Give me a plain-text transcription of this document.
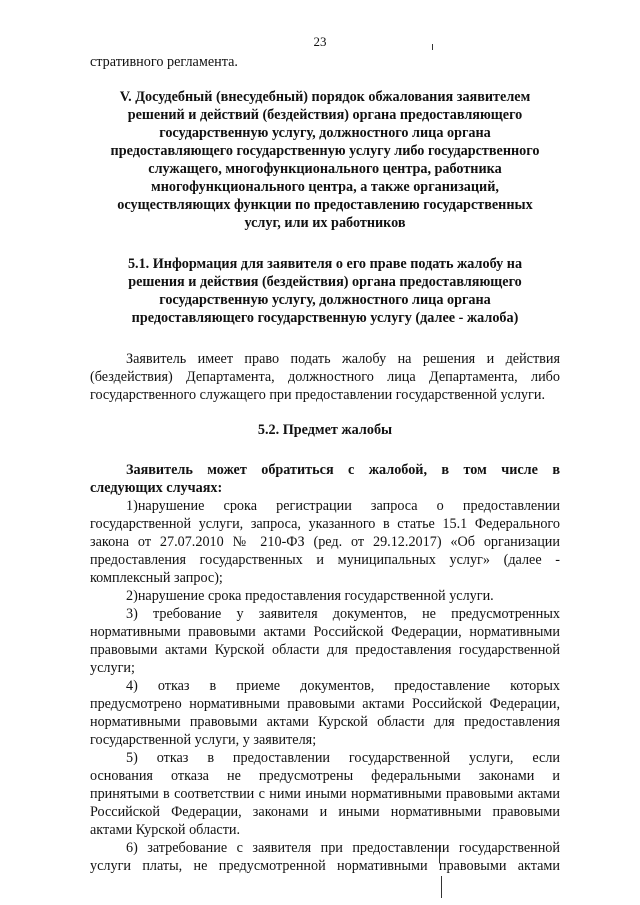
23
стративного регламента.
V. Досудебный (внесудебный) порядок обжалования заявителем
решений и действий (бездействия) органа предоставляющего
государственную услугу, должностного лица органа
предоставляющего государственную услугу либо государственного
служащего, многофункционального центра, работника
многофункционального центра, а также организаций,
осуществляющих функции по предоставлению государственных
услуг, или их работников
5.1. Информация для заявителя о его праве подать жалобу на
решения и действия (бездействия) органа предоставляющего
государственную услугу, должностного лица органа
предоставляющего государственную услугу (далее - жалоба)
Заявитель имеет право подать жалобу на решения и действия
(бездействия) Департамента, должностного лица Департамента, либо
государственного служащего при предоставлении государственной услуги.
5.2. Предмет жалобы
Заявитель может обратиться с жалобой, в том числе в
следующих случаях:
1)нарушение срока регистрации запроса о предоставлении
государственной услуги, запроса, указанного в статье 15.1 Федерального
закона от 27.07.2010 № 210-ФЗ (ред. от 29.12.2017) «Об организации
предоставления государственных и муниципальных услуг» (далее -
комплексный запрос);
2)нарушение срока предоставления государственной услуги.
3) требование у заявителя документов, не предусмотренных
нормативными правовыми актами Российской Федерации, нормативными
правовыми актами Курской области для предоставления государственной
услуги;
4) отказ в приеме документов, предоставление которых
предусмотрено нормативными правовыми актами Российской Федерации,
нормативными правовыми актами Курской области для предоставления
государственной услуги, у заявителя;
5) отказ в предоставлении государственной услуги, если
основания отказа не предусмотрены федеральными законами и
принятыми в соответствии с ними иными нормативными правовыми актами
Российской Федерации, законами и иными нормативными правовыми
актами Курской области.
6) затребование с заявителя при предоставлении государственной
услуги платы, не предусмотренной нормативными правовыми актами
